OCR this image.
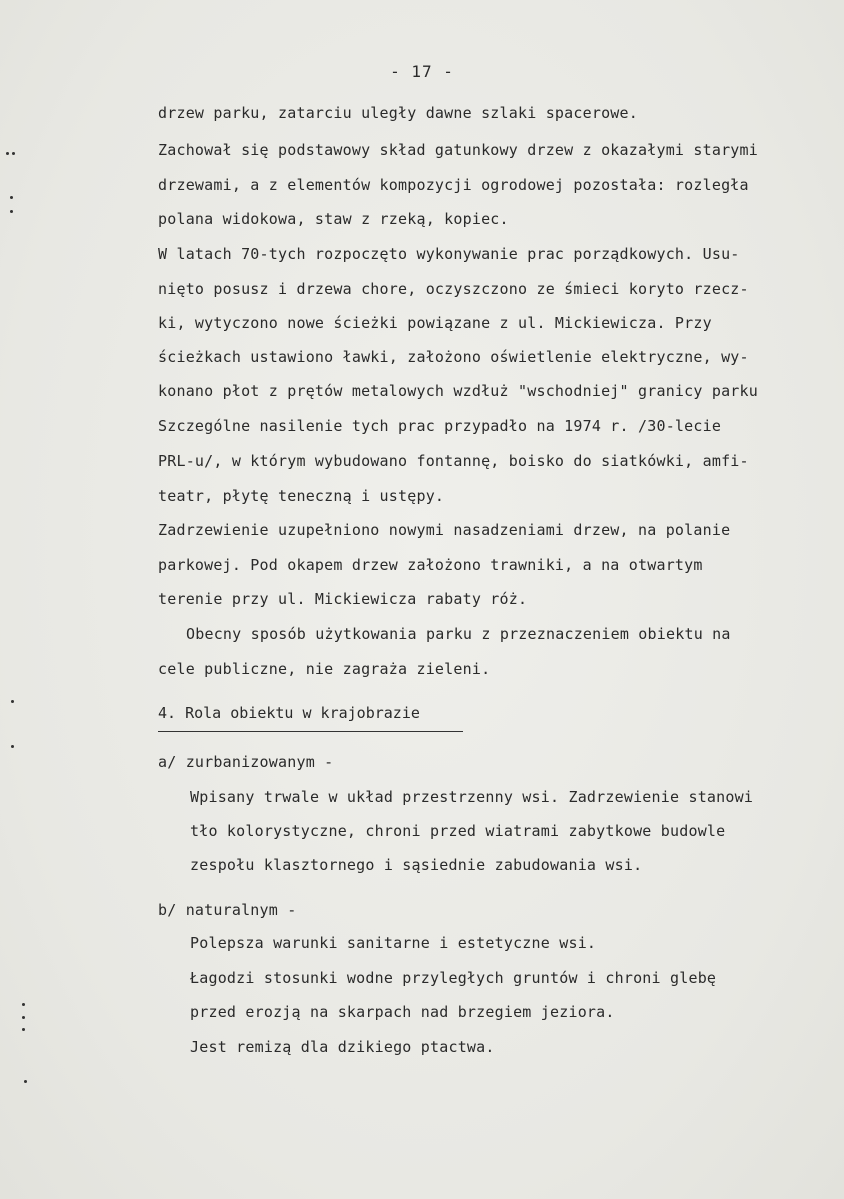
- 17 -
drzew parku, zatarciu uległy dawne szlaki spacerowe.
Zachował się podstawowy skład gatunkowy drzew z okazałymi starymi
drzewami, a z elementów kompozycji ogrodowej pozostała: rozległa
polana widokowa, staw z rzeką, kopiec.
W latach 70-tych rozpoczęto wykonywanie prac porządkowych. Usu-
nięto posusz i drzewa chore, oczyszczono ze śmieci koryto rzecz-
ki, wytyczono nowe ścieżki powiązane z ul. Mickiewicza. Przy
ścieżkach ustawiono ławki, założono oświetlenie elektryczne, wy-
konano płot z prętów metalowych wzdłuż "wschodniej" granicy parku
Szczególne nasilenie tych prac przypadło na 1974 r. /30-lecie
PRL-u/, w którym wybudowano fontannę, boisko do siatkówki, amfi-
teatr, płytę teneczną i ustępy.
Zadrzewienie uzupełniono nowymi nasadzeniami drzew, na polanie
parkowej. Pod okapem drzew założono trawniki, a na otwartym
terenie przy ul. Mickiewicza rabaty róż.
Obecny sposób użytkowania parku z przeznaczeniem obiektu na
cele publiczne, nie zagraża zieleni.
4. Rola obiektu w krajobrazie
a/ zurbanizowanym -
Wpisany trwale w układ przestrzenny wsi. Zadrzewienie stanowi
tło kolorystyczne, chroni przed wiatrami zabytkowe budowle
zespołu klasztornego i sąsiednie zabudowania wsi.
b/ naturalnym -
Polepsza warunki sanitarne i estetyczne wsi.
Łagodzi stosunki wodne przyległych gruntów i chroni glebę
przed erozją na skarpach nad brzegiem jeziora.
Jest remizą dla dzikiego ptactwa.
